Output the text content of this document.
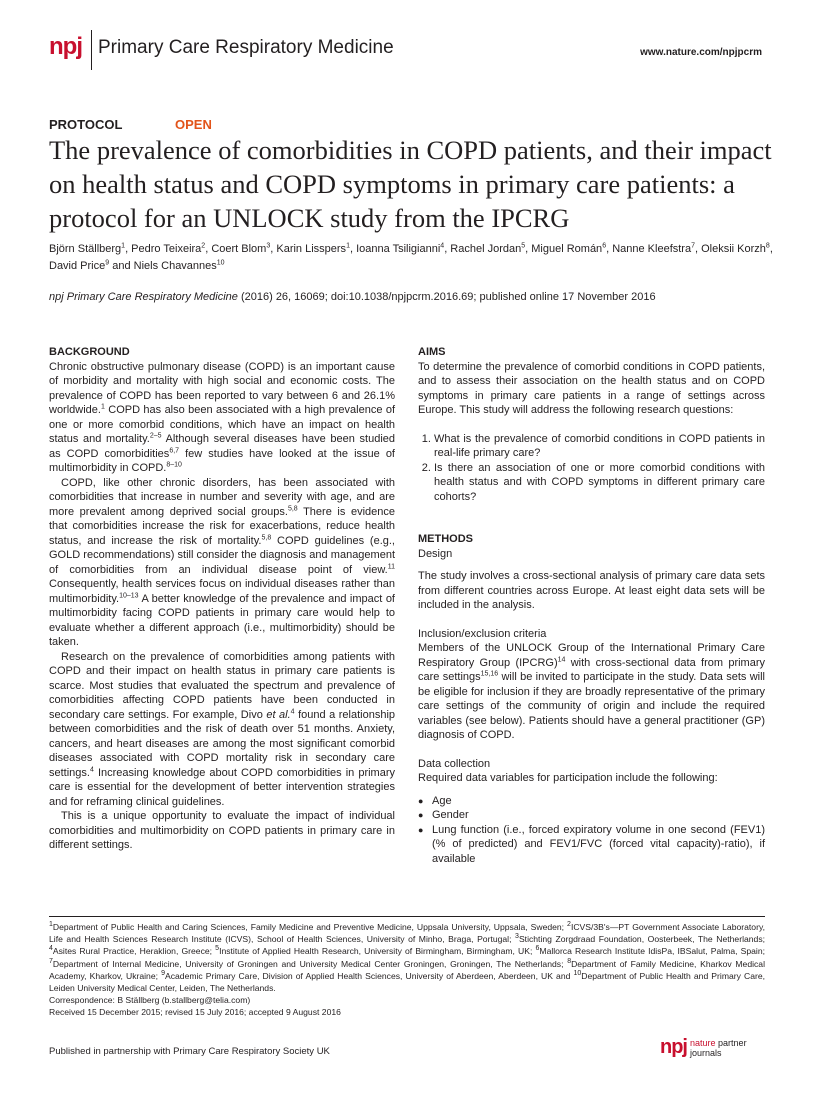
npj Primary Care Respiratory Medicine	www.nature.com/npjpcrm
PROTOCOL	OPEN
The prevalence of comorbidities in COPD patients, and their impact on health status and COPD symptoms in primary care patients: a protocol for an UNLOCK study from the IPCRG
Björn Ställberg$^1$, Pedro Teixeira$^2$, Coert Blom$^3$, Karin Lisspers$^1$, Ioanna Tsiligianni$^4$, Rachel Jordan$^5$, Miguel Román$^6$, Nanne Kleefstra$^7$, Oleksii Korzh$^8$, David Price$^9$ and Niels Chavannes$^{10}$
npj Primary Care Respiratory Medicine (2016) 26, 16069; doi:10.1038/npjpcrm.2016.69; published online 17 November 2016

BACKGROUND

Chronic obstructive pulmonary disease (COPD) is an important cause of morbidity and mortality with high social and economic costs. The prevalence of COPD has been reported to vary between 6 and 26.1% worldwide.$^1$ COPD has also been associated with a high prevalence of one or more comorbid conditions, which have an impact on health status and mortality.$^{2-5}$ Although several diseases have been studied as COPD comorbidities$^{6,7}$ few studies have looked at the issue of multimorbidity in COPD.$^{8-10}$

COPD, like other chronic disorders, has been associated with comorbidities that increase in number and severity with age, and are more prevalent among deprived social groups.$^{5,8}$ There is evidence that comorbidities increase the risk for exacerbations, reduce health status, and increase the risk of mortality.$^{5,8}$ COPD guidelines (e.g., GOLD recommendations) still consider the diagnosis and management of comorbidities from an individual disease point of view.$^{11}$ Consequently, health services focus on individual diseases rather than multimorbidity.$^{10-13}$ A better knowledge of the prevalence and impact of multimorbidity facing COPD patients in primary care would help to evaluate whether a different approach (i.e., multimorbidity) should be taken.

Research on the prevalence of comorbidities among patients with COPD and their impact on health status in primary care patients is scarce. Most studies that evaluated the spectrum and prevalence of comorbidities affecting COPD patients have been conducted in secondary care settings. For example, Divo et al.$^4$ found a relationship between comorbidities and the risk of death over 51 months. Anxiety, cancers, and heart diseases are among the most significant comorbid diseases associated with COPD mortality risk in secondary care settings.$^4$ Increasing knowledge about COPD comorbidities in primary care is essential for the development of better intervention strategies and for reframing clinical guidelines.

This is a unique opportunity to evaluate the impact of individual comorbidities and multimorbidity on COPD patients in primary care in different settings.

AIMS

To determine the prevalence of comorbid conditions in COPD patients, and to assess their association on the health status and on COPD symptoms in primary care patients in a range of settings across Europe. This study will address the following research questions:

1. What is the prevalence of comorbid conditions in COPD patients in real-life primary care?
2. Is there an association of one or more comorbid conditions with health status and with COPD symptoms in different primary care cohorts?

METHODS

Design

The study involves a cross-sectional analysis of primary care data sets from different countries across Europe. At least eight data sets will be included in the analysis.

Inclusion/exclusion criteria

Members of the UNLOCK Group of the International Primary Care Respiratory Group (IPCRG)$^{14}$ with cross-sectional data from primary care settings$^{15,16}$ will be invited to participate in the study. Data sets will be eligible for inclusion if they are broadly representative of the primary care settings of the community of origin and include the required variables (see below). Patients should have a general practitioner (GP) diagnosis of COPD.

Data collection

Required data variables for participation include the following:

● Age
● Gender
● Lung function (i.e., forced expiratory volume in one second (FEV1) (% of predicted) and FEV1/FVC (forced vital capacity)-ratio), if available

$^1$Department of Public Health and Caring Sciences, Family Medicine and Preventive Medicine, Uppsala University, Uppsala, Sweden; $^2$ICVS/3B's—PT Government Associate Laboratory, Life and Health Sciences Research Institute (ICVS), School of Health Sciences, University of Minho, Braga, Portugal; $^3$Stichting Zorgdraad Foundation, Oosterbeek, The Netherlands; $^4$Asites Rural Practice, Heraklion, Greece; $^5$Institute of Applied Health Research, University of Birmingham, Birmingham, UK; $^6$Mallorca Research Institute IdisPa, IBSalut, Palma, Spain; $^7$Department of Internal Medicine, University of Groningen and University Medical Center Groningen, Groningen, The Netherlands; $^8$Department of Family Medicine, Kharkov Medical Academy, Kharkov, Ukraine; $^9$Academic Primary Care, Division of Applied Health Sciences, University of Aberdeen, Aberdeen, UK and $^{10}$Department of Public Health and Primary Care, Leiden University Medical Center, Leiden, The Netherlands.

Correspondence: B Ställberg (b.stallberg@telia.com)

Received 15 December 2015; revised 15 July 2016; accepted 9 August 2016

Published in partnership with Primary Care Respiratory Society UK	npj nature partner
journals
